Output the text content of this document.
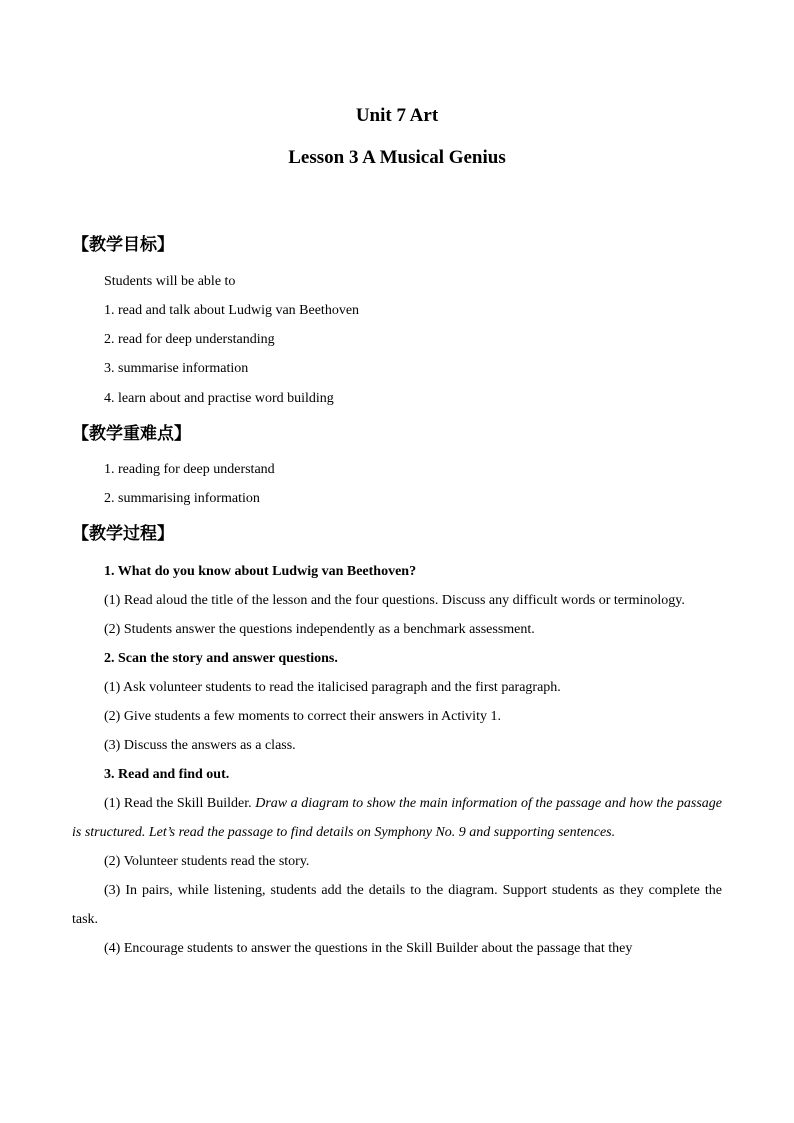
Unit 7 Art
Lesson 3 A Musical Genius
【教学目标】
Students will be able to
1. read and talk about Ludwig van Beethoven
2. read for deep understanding
3. summarise information
4. learn about and practise word building
【教学重难点】
1. reading for deep understand
2. summarising information
【教学过程】

1. What do you know about Ludwig van Beethoven?

(1) Read aloud the title of the lesson and the four questions. Discuss any difficult words or terminology.

(2) Students answer the questions independently as a benchmark assessment.

2. Scan the story and answer questions.

(1) Ask volunteer students to read the italicised paragraph and the first paragraph.

(2) Give students a few moments to correct their answers in Activity 1.

(3) Discuss the answers as a class.

3. Read and find out.

(1) Read the Skill Builder. Draw a diagram to show the main information of the passage and how the passage is structured. Let’s read the passage to find details on Symphony No. 9 and supporting sentences.

(2) Volunteer students read the story.

(3) In pairs, while listening, students add the details to the diagram. Support students as they complete the task.

(4) Encourage students to answer the questions in the Skill Builder about the passage that they
